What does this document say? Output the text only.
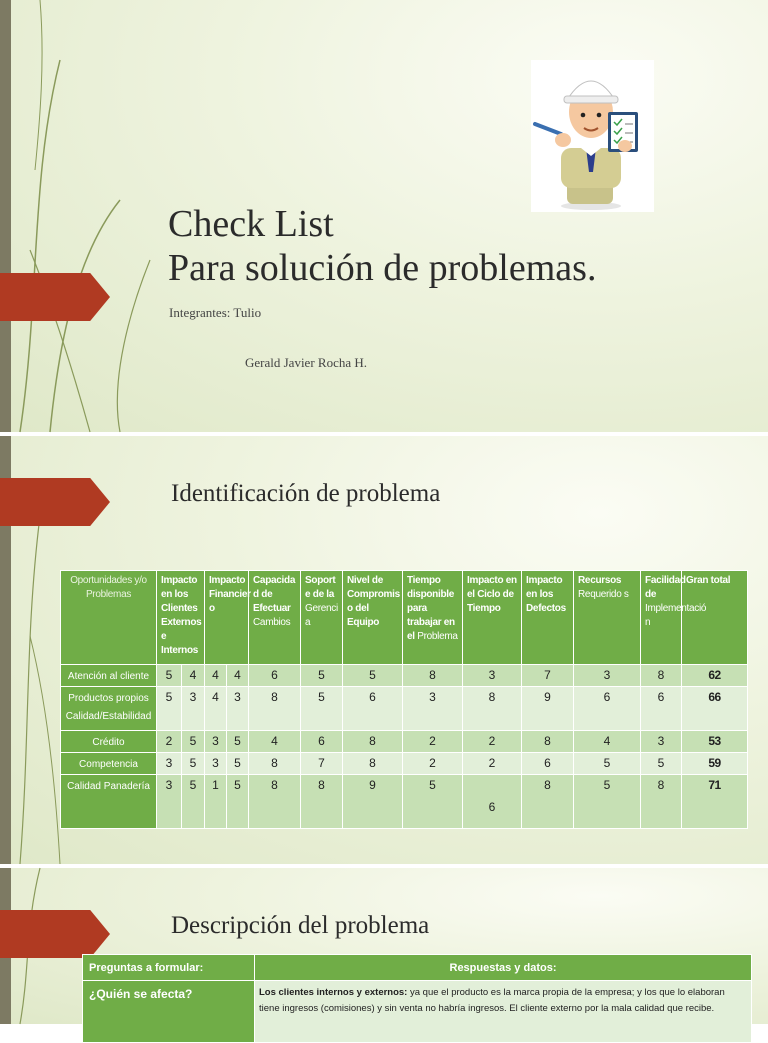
Check List
Para solución de problemas.
Integrantes: Tulio
Gerald Javier Rocha H.
Identificación de problema
Oportunidades y/o Problemas	Impacto en los Clientes Externos e Internos		Impacto Financier o		Capacida d de Efectuar Cambios	Soport e de la Gerenci a	Nivel de Compromis o del Equipo	Tiempo disponible para trabajar en el Problema	Impacto en el Ciclo de Tiempo	Impacto en los Defectos	Recursos Requerido s	Facilidad de Implementació n	Gran total

Atención al cliente	5	4	4	4	6	5	5	8	3	7	3	8	62

Productos propios
Calidad/Estabilidad	5	3	4	3	8	5	6	3	8	9	6	6	66

Crédito	2	5	3	5	4	6	8	2	2	8	4	3	53

Competencia	3	5	3	5	8	7	8	2	2	6	5	5	59

Calidad Panadería	3	5	1	5	8	8	9	5	6	8	5	8	71
Descripción del problema
Preguntas a formular:	Respuestas y datos:
¿Quién se afecta?	Los clientes internos y externos: ya que el producto es la marca propia de la empresa; y los que lo elaboran tiene ingresos (comisiones) y sin venta no habría ingresos. El cliente externo por la mala calidad que recibe.
